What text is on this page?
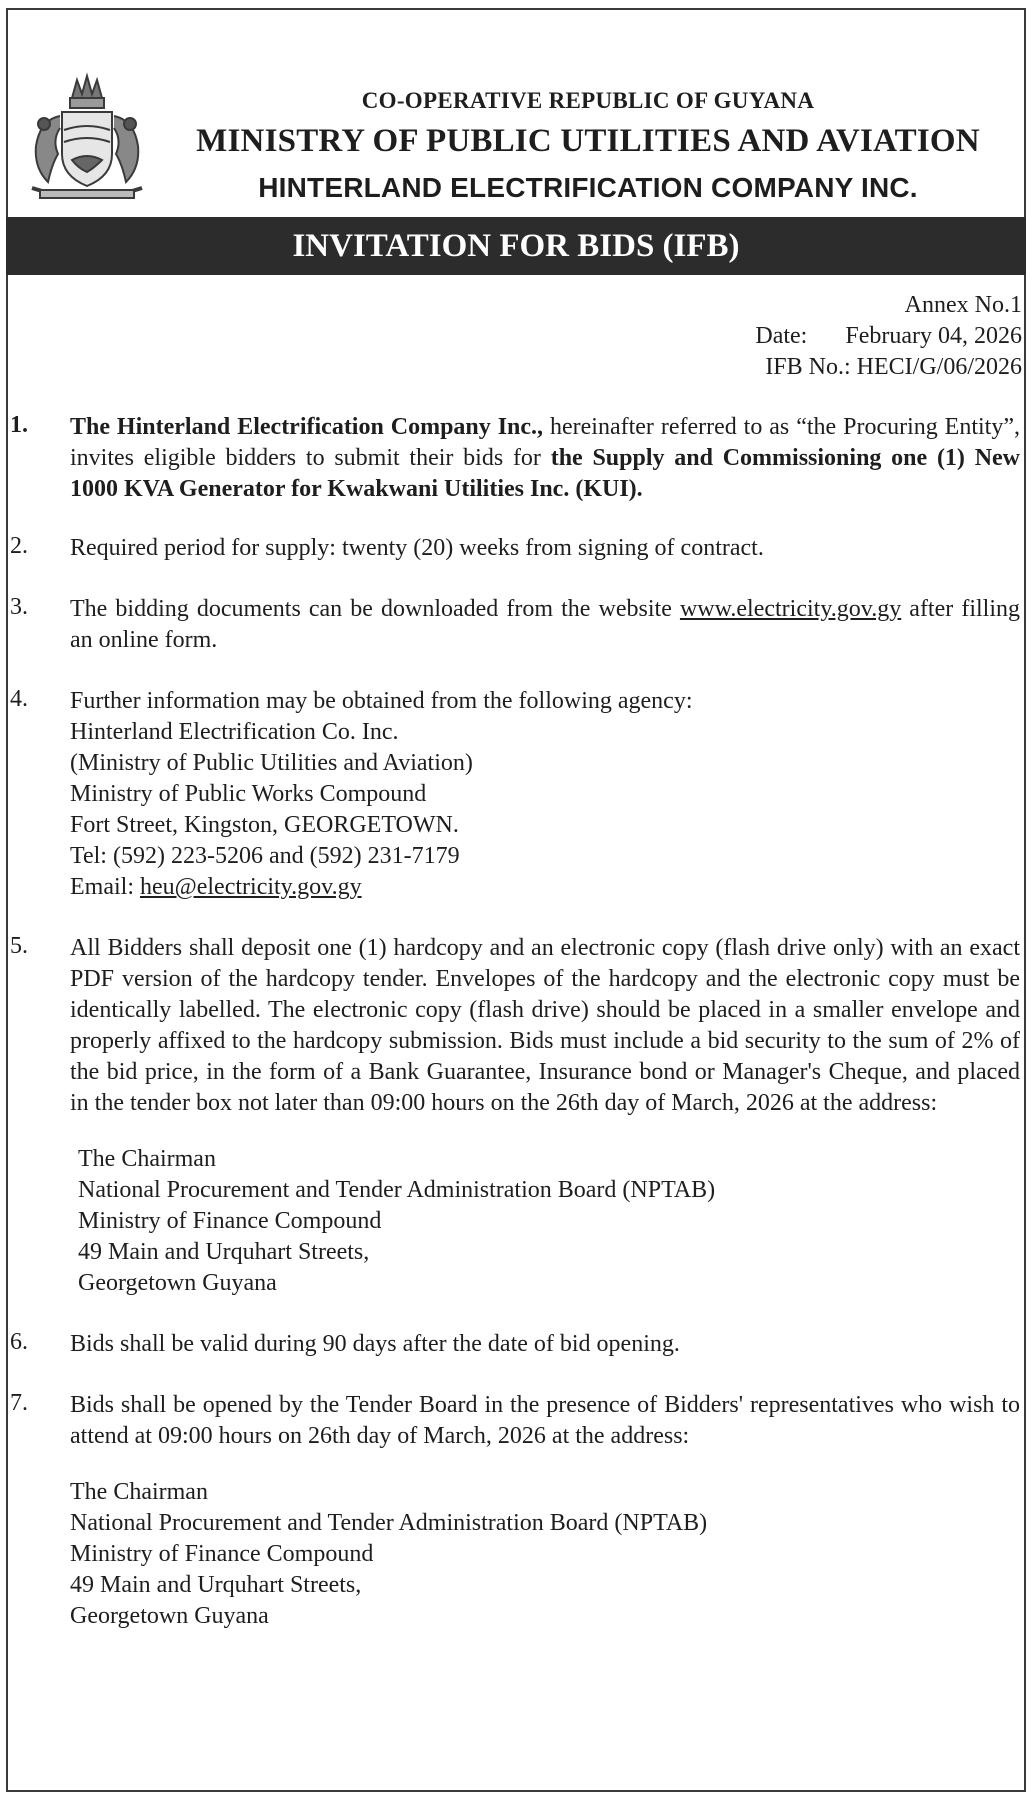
CO-OPERATIVE REPUBLIC OF GUYANA
MINISTRY OF PUBLIC UTILITIES AND AVIATION
HINTERLAND ELECTRIFICATION COMPANY INC.
INVITATION FOR BIDS (IFB)
Annex No.1
Date: February 04, 2026
IFB No.: HECI/G/06/2026
1.	The Hinterland Electrification Company Inc., hereinafter referred to as “the Procuring Entity”, invites eligible bidders to submit their bids for the Supply and Commissioning one (1) New 1000 KVA Generator for Kwakwani Utilities Inc. (KUI).
2.	Required period for supply: twenty (20) weeks from signing of contract.
3.	The bidding documents can be downloaded from the website www.electricity.gov.gy after filling an online form.
4.	Further information may be obtained from the following agency:
Hinterland Electrification Co. Inc.
(Ministry of Public Utilities and Aviation)
Ministry of Public Works Compound
Fort Street, Kingston, GEORGETOWN.
Tel: (592) 223-5206 and (592) 231-7179
Email: heu@electricity.gov.gy
5.	All Bidders shall deposit one (1) hardcopy and an electronic copy (flash drive only) with an exact PDF version of the hardcopy tender. Envelopes of the hardcopy and the electronic copy must be identically labelled. The electronic copy (flash drive) should be placed in a smaller envelope and properly affixed to the hardcopy submission. Bids must include a bid security to the sum of 2% of the bid price, in the form of a Bank Guarantee, Insurance bond or Manager's Cheque, and placed in the tender box not later than 09:00 hours on the 26th day of March, 2026 at the address:
The Chairman
National Procurement and Tender Administration Board (NPTAB)
Ministry of Finance Compound
49 Main and Urquhart Streets,
Georgetown Guyana
6.	Bids shall be valid during 90 days after the date of bid opening.
7.	Bids shall be opened by the Tender Board in the presence of Bidders' representatives who wish to attend at 09:00 hours on 26th day of March, 2026 at the address:
The Chairman
National Procurement and Tender Administration Board (NPTAB)
Ministry of Finance Compound
49 Main and Urquhart Streets,
Georgetown Guyana
